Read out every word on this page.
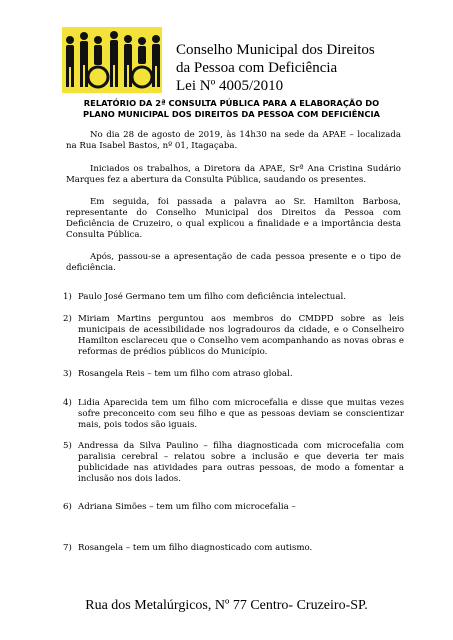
Conselho Municipal dos Direitos
da Pessoa com Deficiência
Lei Nº 4005/2010
RELATÓRIO DA 2ª CONSULTA PÚBLICA PARA A ELABORAÇÃO DO
PLANO MUNICIPAL DOS DIREITOS DA PESSOA COM DEFICIÊNCIA
No dia 28 de agosto de 2019, às 14h30 na sede da APAE – localizada na Rua Isabel Bastos, nº 01, Itagaçaba.
Iniciados os trabalhos, a Diretora da APAE, Srª Ana Cristina Sudário Marques fez a abertura da Consulta Pública, saudando os presentes.
Em seguida, foi passada a palavra ao Sr. Hamilton Barbosa, representante do Conselho Municipal dos Direitos da Pessoa com Deficiência de Cruzeiro, o qual explicou a finalidade e a importância desta Consulta Pública.
Após, passou-se a apresentação de cada pessoa presente e o tipo de deficiência.
1) Paulo José Germano tem um filho com deficiência intelectual.
2) Miriam Martins perguntou aos membros do CMDPD sobre as leis municipais de acessibilidade nos logradouros da cidade, e o Conselheiro Hamilton esclareceu que o Conselho vem acompanhando as novas obras e reformas de prédios públicos do Município.
3) Rosangela Reis – tem um filho com atraso global.
4) Lidia Aparecida tem um filho com microcefalia e disse que muitas vezes sofre preconceito com seu filho e que as pessoas deviam se conscientizar mais, pois todos são iguais.
5) Andressa da Silva Paulino – filha diagnosticada com microcefalia com paralisia cerebral – relatou sobre a inclusão e que deveria ter mais publicidade nas atividades para outras pessoas, de modo a fomentar a inclusão nos dois lados.
6) Adriana Simões – tem um filho com microcefalia –
7) Rosangela – tem um filho diagnosticado com autismo.
Rua dos Metalúrgicos, Nº 77 Centro- Cruzeiro-SP.
